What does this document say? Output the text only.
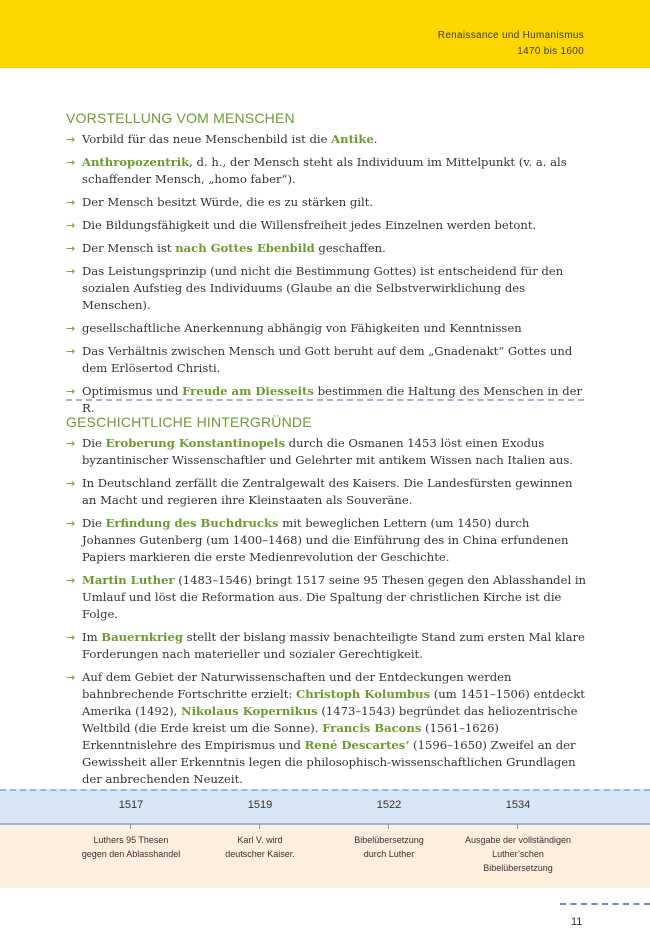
Renaissance und Humanismus
1470 bis 1600
VORSTELLUNG VOM MENSCHEN
→ Vorbild für das neue Menschenbild ist die Antike.
→ Anthropozentrik, d. h., der Mensch steht als Individuum im Mittelpunkt (v. a. als schaffender Mensch, „homo faber“).
→ Der Mensch besitzt Würde, die es zu stärken gilt.
→ Die Bildungsfähigkeit und die Willensfreiheit jedes Einzelnen werden betont.
→ Der Mensch ist nach Gottes Ebenbild geschaffen.
→ Das Leistungsprinzip (und nicht die Bestimmung Gottes) ist entscheidend für den sozialen Aufstieg des Individuums (Glaube an die Selbstverwirklichung des Menschen).
→ gesellschaftliche Anerkennung abhängig von Fähigkeiten und Kenntnissen
→ Das Verhältnis zwischen Mensch und Gott beruht auf dem „Gnadenakt“ Gottes und dem Erlösertod Christi.
→ Optimismus und Freude am Diesseits bestimmen die Haltung des Menschen in der R.
GESCHICHTLICHE HINTERGRÜNDE
→ Die Eroberung Konstantinopels durch die Osmanen 1453 löst einen Exodus byzantinischer Wissenschaftler und Gelehrter mit antikem Wissen nach Italien aus.
→ In Deutschland zerfällt die Zentralgewalt des Kaisers. Die Landesfürsten gewinnen an Macht und regieren ihre Kleinstaaten als Souveräne.
→ Die Erfindung des Buchdrucks mit beweglichen Lettern (um 1450) durch Johannes Gutenberg (um 1400–1468) und die Einführung des in China erfundenen Papiers markieren die erste Medienrevolution der Geschichte.
→ Martin Luther (1483–1546) bringt 1517 seine 95 Thesen gegen den Ablasshandel in Umlauf und löst die Reformation aus. Die Spaltung der christlichen Kirche ist die Folge.
→ Im Bauernkrieg stellt der bislang massiv benachteiligte Stand zum ersten Mal klare Forderungen nach materieller und sozialer Gerechtigkeit.
→ Auf dem Gebiet der Naturwissenschaften und der Entdeckungen werden bahnbrechende Fortschritte erzielt: Christoph Kolumbus (um 1451–1506) entdeckt Amerika (1492), Nikolaus Kopernikus (1473–1543) begründet das heliozentrische Weltbild (die Erde kreist um die Sonne). Francis Bacons (1561–1626) Erkenntnislehre des Empirismus und René Descartes’ (1596–1650) Zweifel an der Gewissheit aller Erkenntnis legen die philosophisch-wissenschaftlichen Grundlagen der anbrechenden Neuzeit.
1517
Luthers 95 Thesen
gegen den Ablasshandel
1519
Karl V. wird
deutscher Kaiser.
1522
Bibelübersetzung
durch Luther
1534
Ausgabe der vollständigen
Luther’schen
Bibelübersetzung
11
